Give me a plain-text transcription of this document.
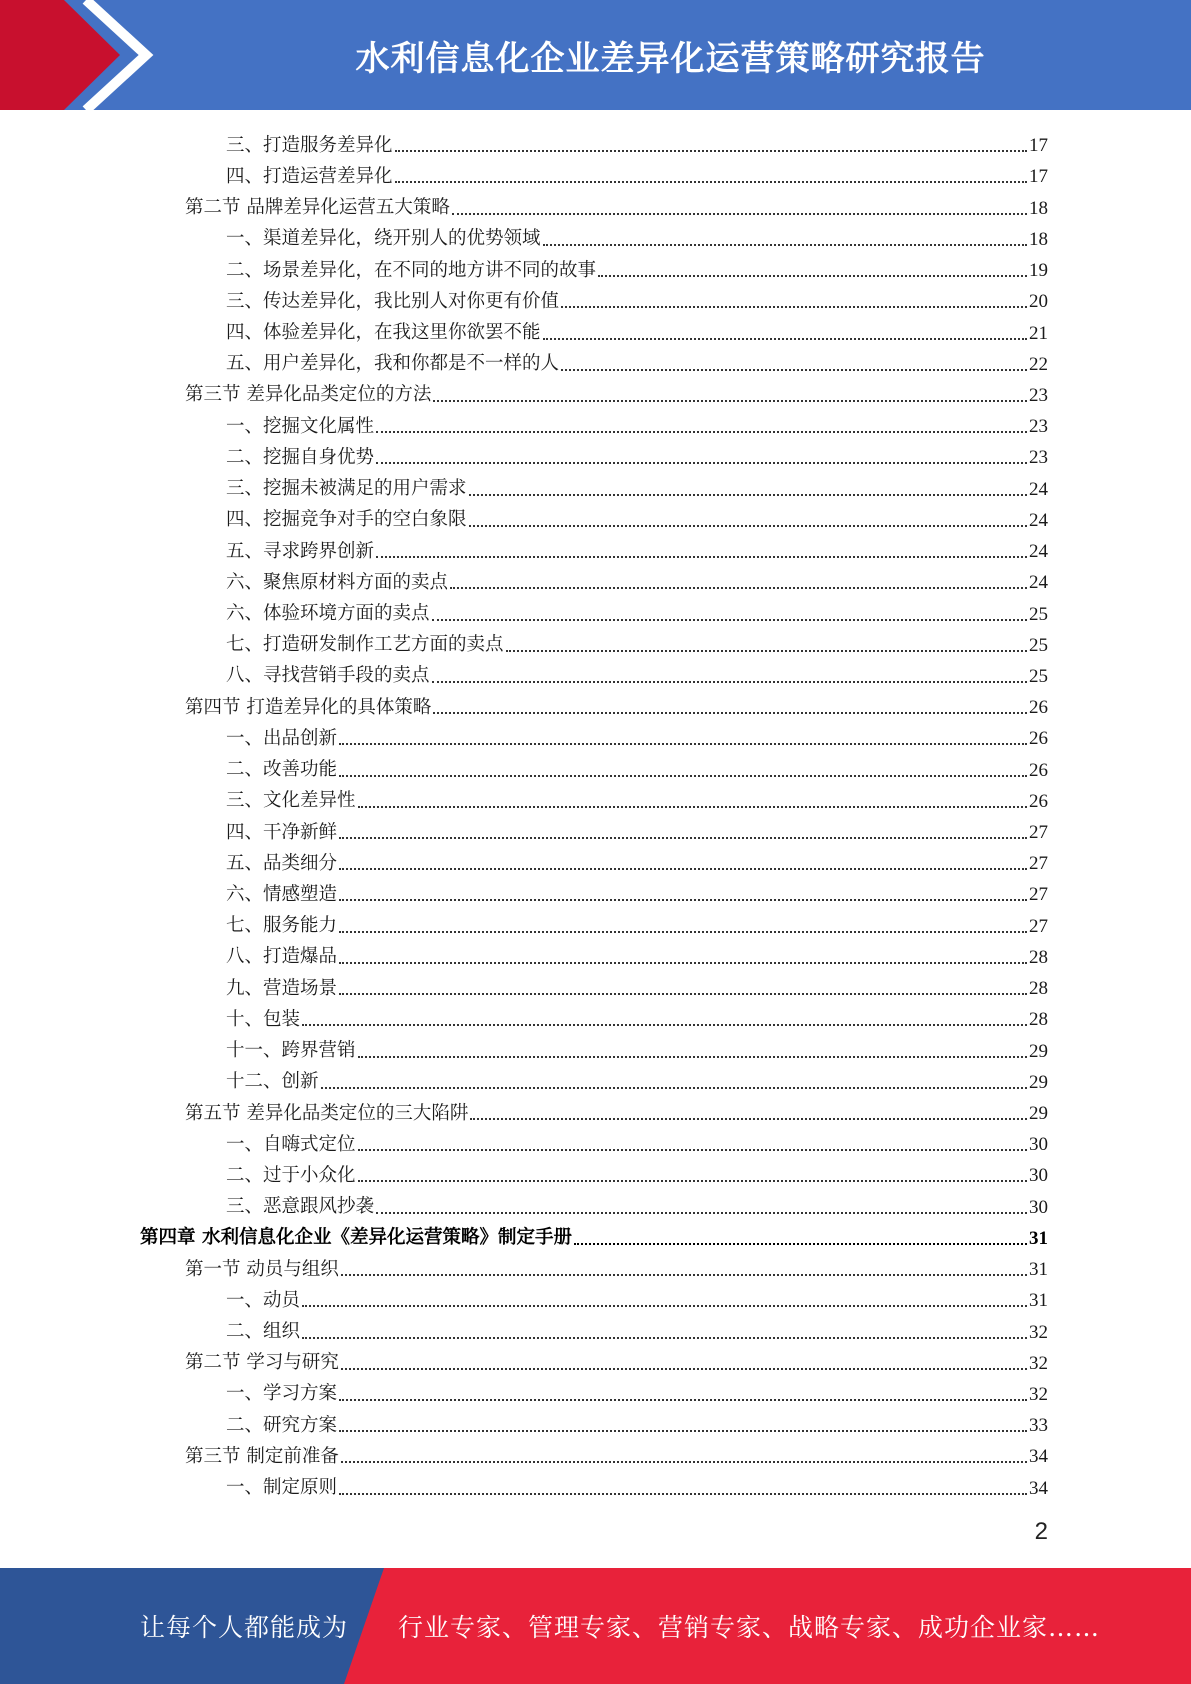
水利信息化企业差异化运营策略研究报告
三、打造服务差异化	17
四、打造运营差异化	17
第二节 品牌差异化运营五大策略	18
一、渠道差异化，绕开别人的优势领域	18
二、场景差异化，在不同的地方讲不同的故事	19
三、传达差异化，我比别人对你更有价值	20
四、体验差异化，在我这里你欲罢不能	21
五、用户差异化，我和你都是不一样的人	22
第三节 差异化品类定位的方法	23
一、挖掘文化属性	23
二、挖掘自身优势	23
三、挖掘未被满足的用户需求	24
四、挖掘竞争对手的空白象限	24
五、寻求跨界创新	24
六、聚焦原材料方面的卖点	24
六、体验环境方面的卖点	25
七、打造研发制作工艺方面的卖点	25
八、寻找营销手段的卖点	25
第四节 打造差异化的具体策略	26
一、出品创新	26
二、改善功能	26
三、文化差异性	26
四、干净新鲜	27
五、品类细分	27
六、情感塑造	27
七、服务能力	27
八、打造爆品	28
九、营造场景	28
十、包装	28
十一、跨界营销	29
十二、创新	29
第五节 差异化品类定位的三大陷阱	29
一、自嗨式定位	30
二、过于小众化	30
三、恶意跟风抄袭	30
第四章 水利信息化企业《差异化运营策略》制定手册	31
第一节 动员与组织	31
一、动员	31
二、组织	32
第二节 学习与研究	32
一、学习方案	32
二、研究方案	33
第三节 制定前准备	34
一、制定原则	34
2
让每个人都能成为 行业专家、管理专家、营销专家、战略专家、成功企业家……
